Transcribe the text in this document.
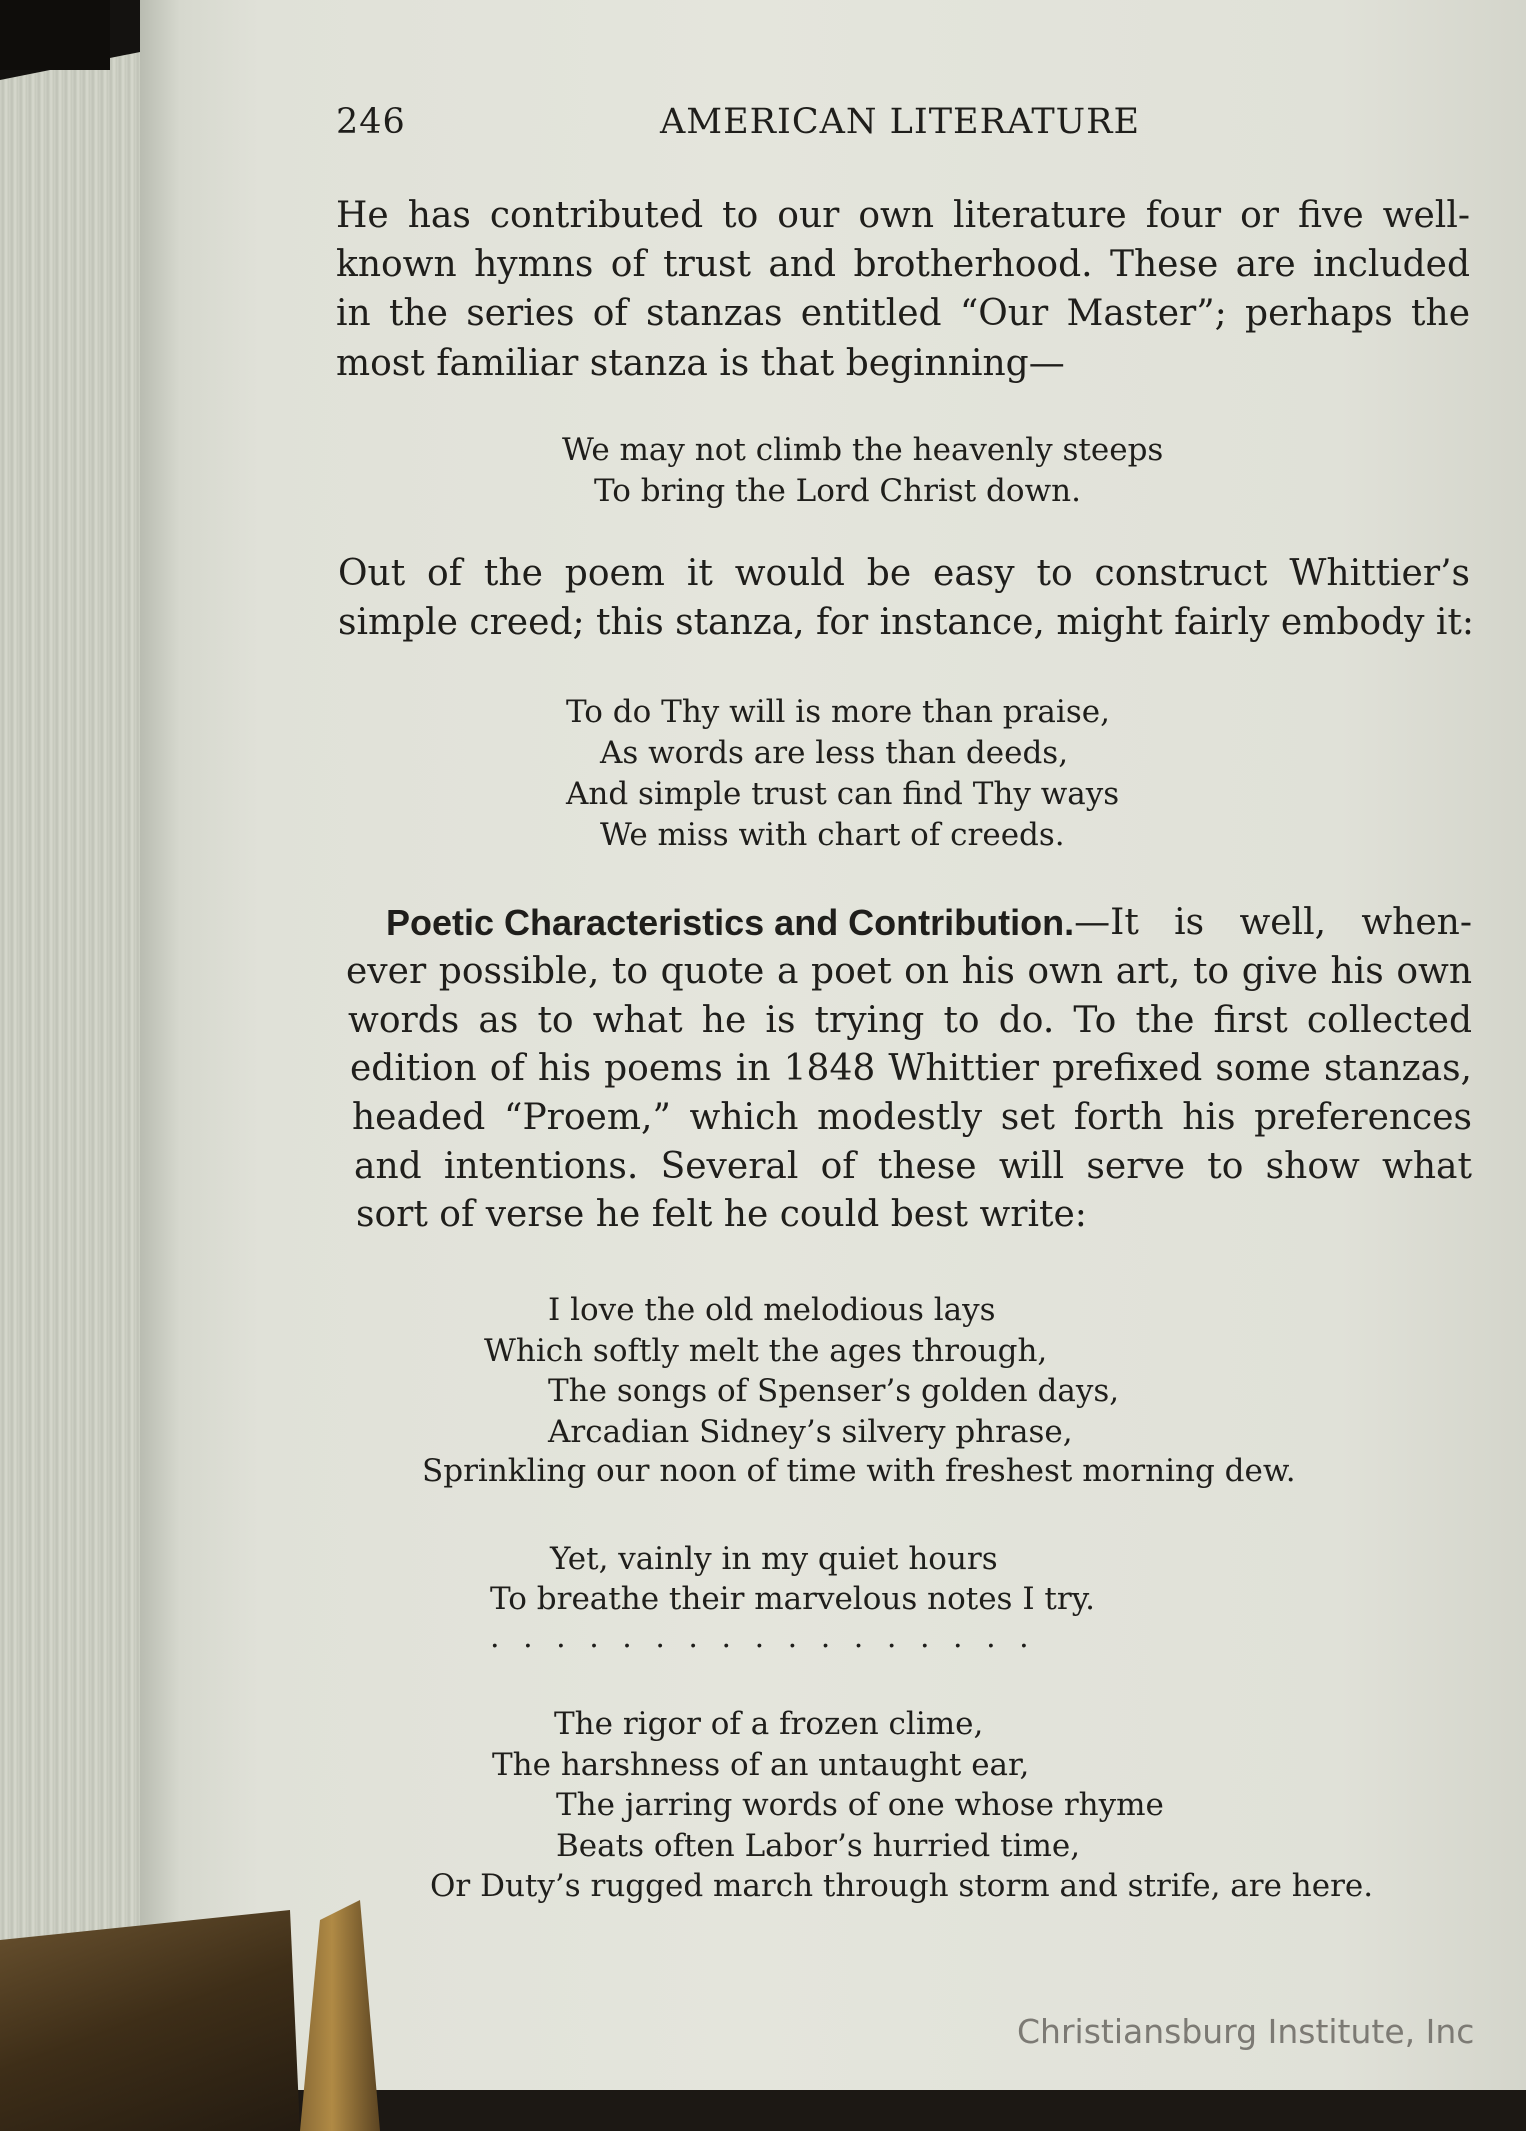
246	AMERICAN LITERATURE
He has contributed to our own literature four or five well-
known hymns of trust and brotherhood. These are included
in the series of stanzas entitled “Our Master”; perhaps the
most familiar stanza is that beginning—
We may not climb the heavenly steeps
To bring the Lord Christ down.
Out of the poem it would be easy to construct Whittier’s
simple creed; this stanza, for instance, might fairly embody it:
To do Thy will is more than praise,
As words are less than deeds,
And simple trust can find Thy ways
We miss with chart of creeds.
Poetic Characteristics and Contribution. —It is well, when-
ever possible, to quote a poet on his own art, to give his own
words as to what he is trying to do. To the first collected
edition of his poems in 1848 Whittier prefixed some stanzas,
headed “Proem,” which modestly set forth his preferences
and intentions. Several of these will serve to show what
sort of verse he felt he could best write:
I love the old melodious lays
Which softly melt the ages through,
The songs of Spenser’s golden days,
Arcadian Sidney’s silvery phrase,
Sprinkling our noon of time with freshest morning dew.
Yet, vainly in my quiet hours
To breathe their marvelous notes I try.
. . . . . . . . . . . . . . . . .
The rigor of a frozen clime,
The harshness of an untaught ear,
The jarring words of one whose rhyme
Beats often Labor’s hurried time,
Or Duty’s rugged march through storm and strife, are here.
Christiansburg Institute, Inc
